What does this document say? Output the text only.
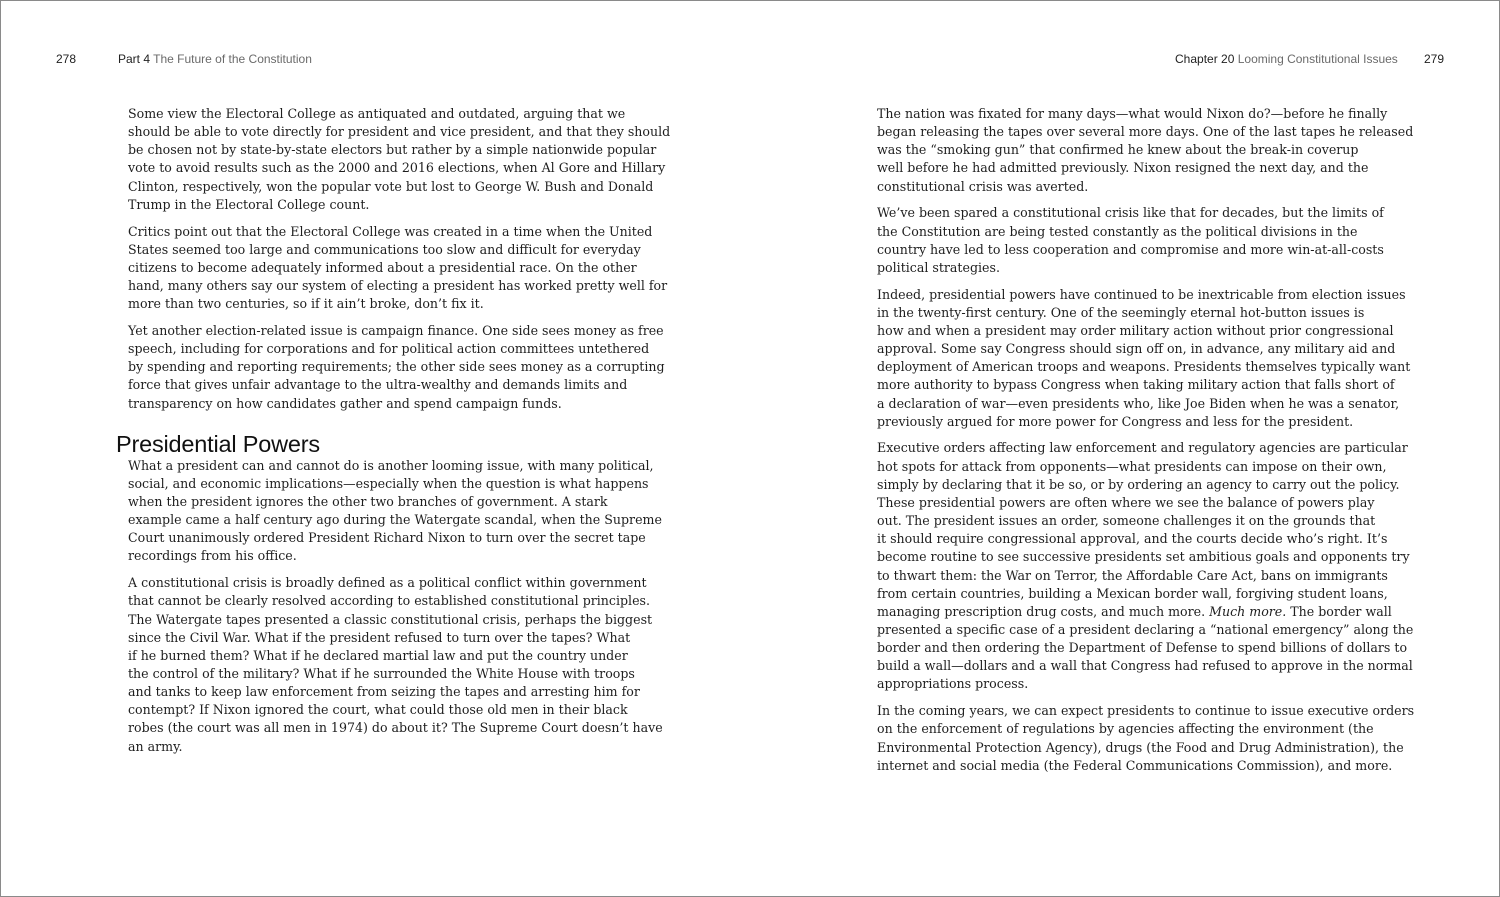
278	Part 4 The Future of the Constitution	Chapter 20 Looming Constitutional Issues 279

Some view the Electoral College as antiquated and outdated, arguing that we
should be able to vote directly for president and vice president, and that they should
be chosen not by state-by-state electors but rather by a simple nationwide popular
vote to avoid results such as the 2000 and 2016 elections, when Al Gore and Hillary
Clinton, respectively, won the popular vote but lost to George W. Bush and Donald
Trump in the Electoral College count.

Critics point out that the Electoral College was created in a time when the United
States seemed too large and communications too slow and difficult for everyday
citizens to become adequately informed about a presidential race. On the other
hand, many others say our system of electing a president has worked pretty well for
more than two centuries, so if it ain’t broke, don’t fix it.

Yet another election-related issue is campaign finance. One side sees money as free
speech, including for corporations and for political action committees untethered
by spending and reporting requirements; the other side sees money as a corrupting
force that gives unfair advantage to the ultra-wealthy and demands limits and
transparency on how candidates gather and spend campaign funds.

Presidential Powers

What a president can and cannot do is another looming issue, with many political,
social, and economic implications—especially when the question is what happens
when the president ignores the other two branches of government. A stark
example came a half century ago during the Watergate scandal, when the Supreme
Court unanimously ordered President Richard Nixon to turn over the secret tape
recordings from his office.

A constitutional crisis is broadly defined as a political conflict within government
that cannot be clearly resolved according to established constitutional principles.
The Watergate tapes presented a classic constitutional crisis, perhaps the biggest
since the Civil War. What if the president refused to turn over the tapes? What
if he burned them? What if he declared martial law and put the country under
the control of the military? What if he surrounded the White House with troops
and tanks to keep law enforcement from seizing the tapes and arresting him for
contempt? If Nixon ignored the court, what could those old men in their black
robes (the court was all men in 1974) do about it? The Supreme Court doesn’t have
an army.

The nation was fixated for many days—what would Nixon do?—before he finally
began releasing the tapes over several more days. One of the last tapes he released
was the “smoking gun” that confirmed he knew about the break-in coverup
well before he had admitted previously. Nixon resigned the next day, and the
constitutional crisis was averted.

We’ve been spared a constitutional crisis like that for decades, but the limits of
the Constitution are being tested constantly as the political divisions in the
country have led to less cooperation and compromise and more win-at-all-costs
political strategies.

Indeed, presidential powers have continued to be inextricable from election issues
in the twenty-first century. One of the seemingly eternal hot-button issues is
how and when a president may order military action without prior congressional
approval. Some say Congress should sign off on, in advance, any military aid and
deployment of American troops and weapons. Presidents themselves typically want
more authority to bypass Congress when taking military action that falls short of
a declaration of war—even presidents who, like Joe Biden when he was a senator,
previously argued for more power for Congress and less for the president.

Executive orders affecting law enforcement and regulatory agencies are particular
hot spots for attack from opponents—what presidents can impose on their own,
simply by declaring that it be so, or by ordering an agency to carry out the policy.
These presidential powers are often where we see the balance of powers play
out. The president issues an order, someone challenges it on the grounds that
it should require congressional approval, and the courts decide who’s right. It’s
become routine to see successive presidents set ambitious goals and opponents try
to thwart them: the War on Terror, the Affordable Care Act, bans on immigrants
from certain countries, building a Mexican border wall, forgiving student loans,
managing prescription drug costs, and much more. Much more. The border wall
presented a specific case of a president declaring a “national emergency” along the
border and then ordering the Department of Defense to spend billions of dollars to
build a wall—dollars and a wall that Congress had refused to approve in the normal
appropriations process.

In the coming years, we can expect presidents to continue to issue executive orders
on the enforcement of regulations by agencies affecting the environment (the
Environmental Protection Agency), drugs (the Food and Drug Administration), the
internet and social media (the Federal Communications Commission), and more.
